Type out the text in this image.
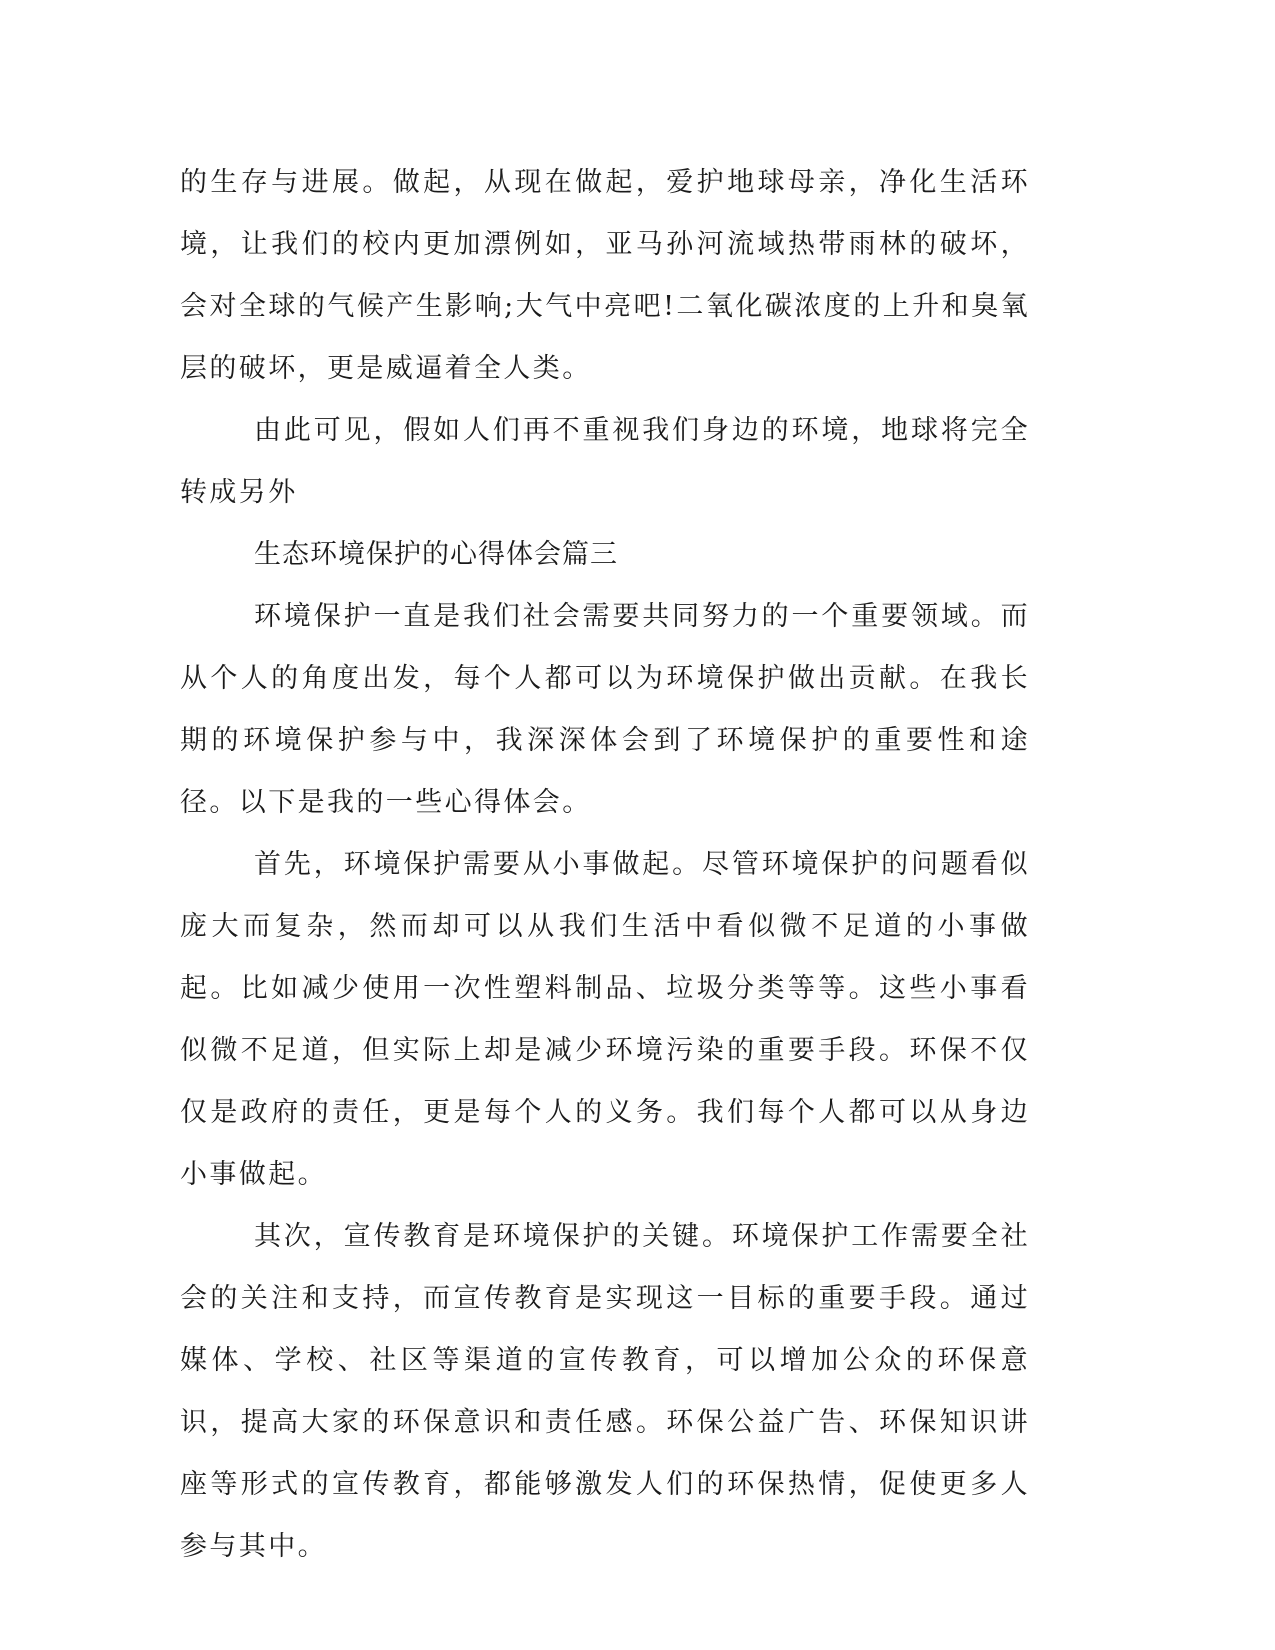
的生存与进展。做起，从现在做起，爱护地球母亲，净化生活环境，让我们的校内更加漂例如，亚马孙河流域热带雨林的破坏，会对全球的气候产生影响;大气中亮吧!二氧化碳浓度的上升和臭氧层的破坏，更是威逼着全人类。

由此可见，假如人们再不重视我们身边的环境，地球将完全转成另外

生态环境保护的心得体会篇三

环境保护一直是我们社会需要共同努力的一个重要领域。而从个人的角度出发，每个人都可以为环境保护做出贡献。在我长期的环境保护参与中，我深深体会到了环境保护的重要性和途径。以下是我的一些心得体会。

首先，环境保护需要从小事做起。尽管环境保护的问题看似庞大而复杂，然而却可以从我们生活中看似微不足道的小事做起。比如减少使用一次性塑料制品、垃圾分类等等。这些小事看似微不足道，但实际上却是减少环境污染的重要手段。环保不仅仅是政府的责任，更是每个人的义务。我们每个人都可以从身边小事做起。

其次，宣传教育是环境保护的关键。环境保护工作需要全社会的关注和支持，而宣传教育是实现这一目标的重要手段。通过媒体、学校、社区等渠道的宣传教育，可以增加公众的环保意识，提高大家的环保意识和责任感。环保公益广告、环保知识讲座等形式的宣传教育，都能够激发人们的环保热情，促使更多人参与其中。
